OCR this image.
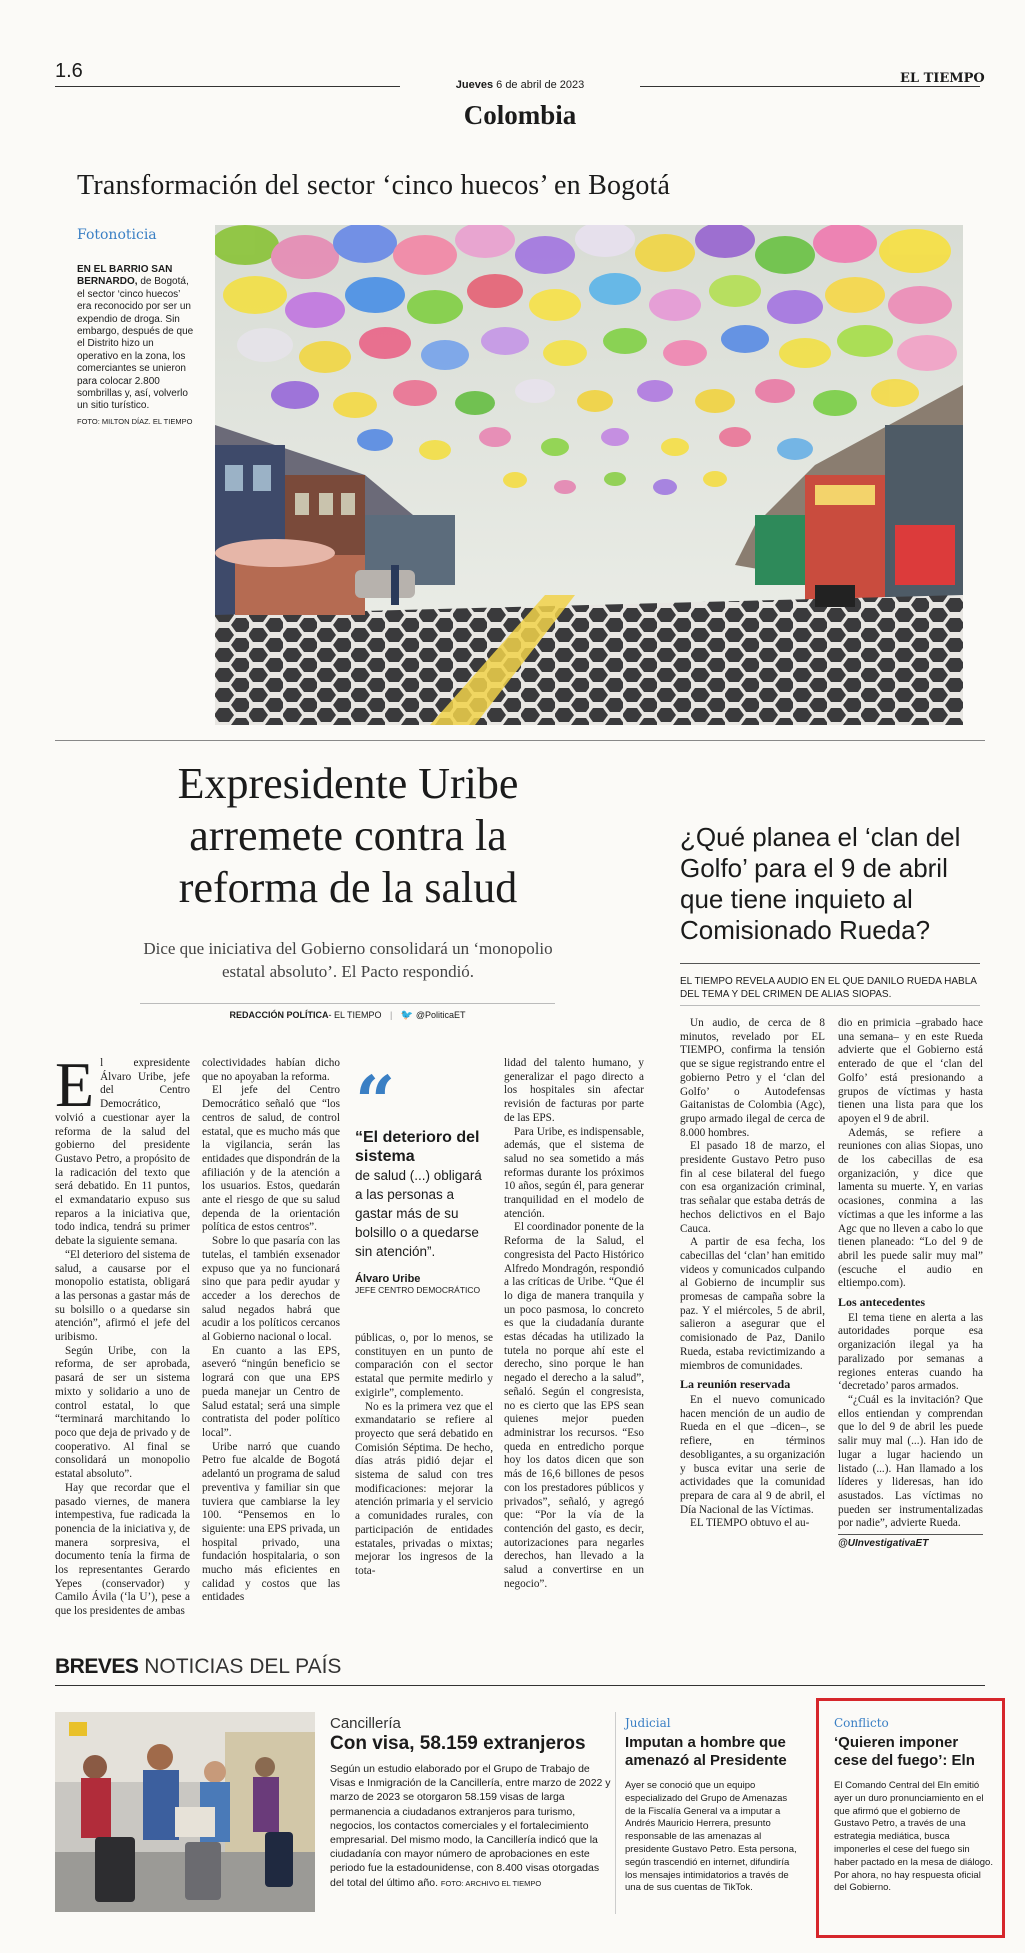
1.6
Jueves 6 de abril de 2023	EL TIEMPO
Colombia
Transformación del sector ‘cinco huecos’ en Bogotá
Fotonoticia
EN EL BARRIO SAN BERNARDO, de Bogotá, el sector ‘cinco huecos’ era reconocido por ser un expendio de droga. Sin embargo, después de que el Distrito hizo un operativo en la zona, los comerciantes se unieron para colocar 2.800 sombrillas y, así, volverlo un sitio turístico.
FOTO: MILTON DÍAZ. EL TIEMPO
Expresidente Uribe arremete contra la reforma de la salud
Dice que iniciativa del Gobierno consolidará un ‘monopolio estatal absoluto’. El Pacto respondió.
REDACCIÓN POLÍTICA- EL TIEMPO | 🐦 @PoliticaET
E l expresidente Álvaro Uribe, jefe del Centro Democrático, volvió a cuestionar ayer la reforma de la salud del gobierno del presidente Gustavo Petro, a propósito de la radicación del texto que será debatido. En 11 puntos, el exmandatario expuso sus reparos a la iniciativa que, todo indica, tendrá su primer debate la siguiente semana.

“El deterioro del sistema de salud, a causarse por el monopolio estatista, obligará a las personas a gastar más de su bolsillo o a quedarse sin atención”, afirmó el jefe del uribismo.

Según Uribe, con la reforma, de ser aprobada, pasará de ser un sistema mixto y solidario a uno de control estatal, lo que “terminará marchitando lo poco que deja de privado y de cooperativo. Al final se consolidará un monopolio estatal absoluto”.

Hay que recordar que el pasado viernes, de manera intempestiva, fue radicada la ponencia de la iniciativa y, de manera sorpresiva, el documento tenía la firma de los representantes Gerardo Yepes (conservador) y Camilo Ávila (‘la U’), pese a que los presidentes de ambas

colectividades habían dicho que no apoyaban la reforma.

El jefe del Centro Democrático señaló que “los centros de salud, de control estatal, que es mucho más que la vigilancia, serán las entidades que dispondrán de la afiliación y de la atención a los usuarios. Estos, quedarán ante el riesgo de que su salud dependa de la orientación política de estos centros”.

Sobre lo que pasaría con las tutelas, el también exsenador expuso que ya no funcionará sino que para pedir ayudar y acceder a los derechos de salud negados habrá que acudir a los políticos cercanos al Gobierno nacional o local.

En cuanto a las EPS, aseveró “ningún beneficio se logrará con que una EPS pueda manejar un Centro de Salud estatal; será una simple contratista del poder político local”.

Uribe narró que cuando Petro fue alcalde de Bogotá adelantó un programa de salud preventiva y familiar sin que tuviera que cambiarse la ley 100. “Pensemos en lo siguiente: una EPS privada, un hospital privado, una fundación hospitalaria, o son mucho más eficientes en calidad y costos que las entidades

“
“El deterioro del sistema
de salud (...) obligará a las personas a gastar más de su bolsillo o a quedarse sin atención”.
Álvaro Uribe
JEFE CENTRO DEMOCRÁTICO

públicas, o, por lo menos, se constituyen en un punto de comparación con el sector estatal que permite medirlo y exigirle”, complemento.

No es la primera vez que el exmandatario se refiere al proyecto que será debatido en Comisión Séptima. De hecho, días atrás pidió dejar el sistema de salud con tres modificaciones: mejorar la atención primaria y el servicio a comunidades rurales, con participación de entidades estatales, privadas o mixtas; mejorar los ingresos de la tota-

lidad del talento humano, y generalizar el pago directo a los hospitales sin afectar revisión de facturas por parte de las EPS.

Para Uribe, es indispensable, además, que el sistema de salud no sea sometido a más reformas durante los próximos 10 años, según él, para generar tranquilidad en el modelo de atención.

El coordinador ponente de la Reforma de la Salud, el congresista del Pacto Histórico Alfredo Mondragón, respondió a las críticas de Uribe. “Que él lo diga de manera tranquila y un poco pasmosa, lo concreto es que la ciudadanía durante estas décadas ha utilizado la tutela no porque ahí este el derecho, sino porque le han negado el derecho a la salud”, señaló. Según el congresista, no es cierto que las EPS sean quienes mejor pueden administrar los recursos. “Eso queda en entredicho porque hoy los datos dicen que son más de 16,6 billones de pesos con los prestadores públicos y privados”, señaló, y agregó que: “Por la vía de la contención del gasto, es decir, autorizaciones para negarles derechos, han llevado a la salud a convertirse en un negocio”.

¿Qué planea el ‘clan del Golfo’ para el 9 de abril que tiene inquieto al Comisionado Rueda?
EL TIEMPO REVELA AUDIO EN EL QUE DANILO RUEDA HABLA DEL TEMA Y DEL CRIMEN DE ALIAS SIOPAS.

Un audio, de cerca de 8 minutos, revelado por EL TIEMPO, confirma la tensión que se sigue registrando entre el gobierno Petro y el ‘clan del Golfo’ o Autodefensas Gaitanistas de Colombia (Agc), grupo armado ilegal de cerca de 8.000 hombres.

El pasado 18 de marzo, el presidente Gustavo Petro puso fin al cese bilateral del fuego con esa organización criminal, tras señalar que estaba detrás de hechos delictivos en el Bajo Cauca.

A partir de esa fecha, los cabecillas del ‘clan’ han emitido videos y comunicados culpando al Gobierno de incumplir sus promesas de campaña sobre la paz. Y el miércoles, 5 de abril, salieron a asegurar que el comisionado de Paz, Danilo Rueda, estaba revictimizando a miembros de comunidades.

La reunión reservada

En el nuevo comunicado hacen mención de un audio de Rueda en el que –dicen–, se refiere, en términos desobligantes, a su organización y busca evitar una serie de actividades que la comunidad prepara de cara al 9 de abril, el Día Nacional de las Víctimas.

EL TIEMPO obtuvo el au-

dio en primicia –grabado hace una semana– y en este Rueda advierte que el Gobierno está enterado de que el ‘clan del Golfo’ está presionando a grupos de víctimas y hasta tienen una lista para que los apoyen el 9 de abril.

Además, se refiere a reuniones con alias Siopas, uno de los cabecillas de esa organización, y dice que lamenta su muerte. Y, en varias ocasiones, conmina a las víctimas a que les informe a las Agc que no lleven a cabo lo que tienen planeado: “Lo del 9 de abril les puede salir muy mal” (escuche el audio en eltiempo.com).

Los antecedentes

El tema tiene en alerta a las autoridades porque esa organización ilegal ya ha paralizado por semanas a regiones enteras cuando ha ‘decretado’ paros armados.

“¿Cuál es la invitación? Que ellos entiendan y comprendan que lo del 9 de abril les puede salir muy mal (...). Han ido de lugar a lugar haciendo un listado (...). Han llamado a los líderes y lideresas, han ido asustados. Las víctimas no pueden ser instrumentalizadas por nadie”, advierte Rueda.

@UInvestigativaET
BREVES NOTICIAS DEL PAÍS
Cancillería
Con visa, 58.159 extranjeros
Según un estudio elaborado por el Grupo de Trabajo de Visas e Inmigración de la Cancillería, entre marzo de 2022 y marzo de 2023 se otorgaron 58.159 visas de larga permanencia a ciudadanos extranjeros para turismo, negocios, los contactos comerciales y el fortalecimiento empresarial. Del mismo modo, la Cancillería indicó que la ciudadanía con mayor número de aprobaciones en este periodo fue la estadounidense, con 8.400 visas otorgadas del total del último año. FOTO: ARCHIVO EL TIEMPO
Judicial
Imputan a hombre que amenazó al Presidente
Ayer se conoció que un equipo especializado del Grupo de Amenazas de la Fiscalía General va a imputar a Andrés Mauricio Herrera, presunto responsable de las amenazas al presidente Gustavo Petro. Esta persona, según trascendió en internet, difundiría los mensajes intimidatorios a través de una de sus cuentas de TikTok.
Conflicto
‘Quieren imponer cese del fuego’: Eln
El Comando Central del Eln emitió ayer un duro pronunciamiento en el que afirmó que el gobierno de Gustavo Petro, a través de una estrategia mediática, busca imponerles el cese del fuego sin haber pactado en la mesa de diálogo. Por ahora, no hay respuesta oficial del Gobierno.
